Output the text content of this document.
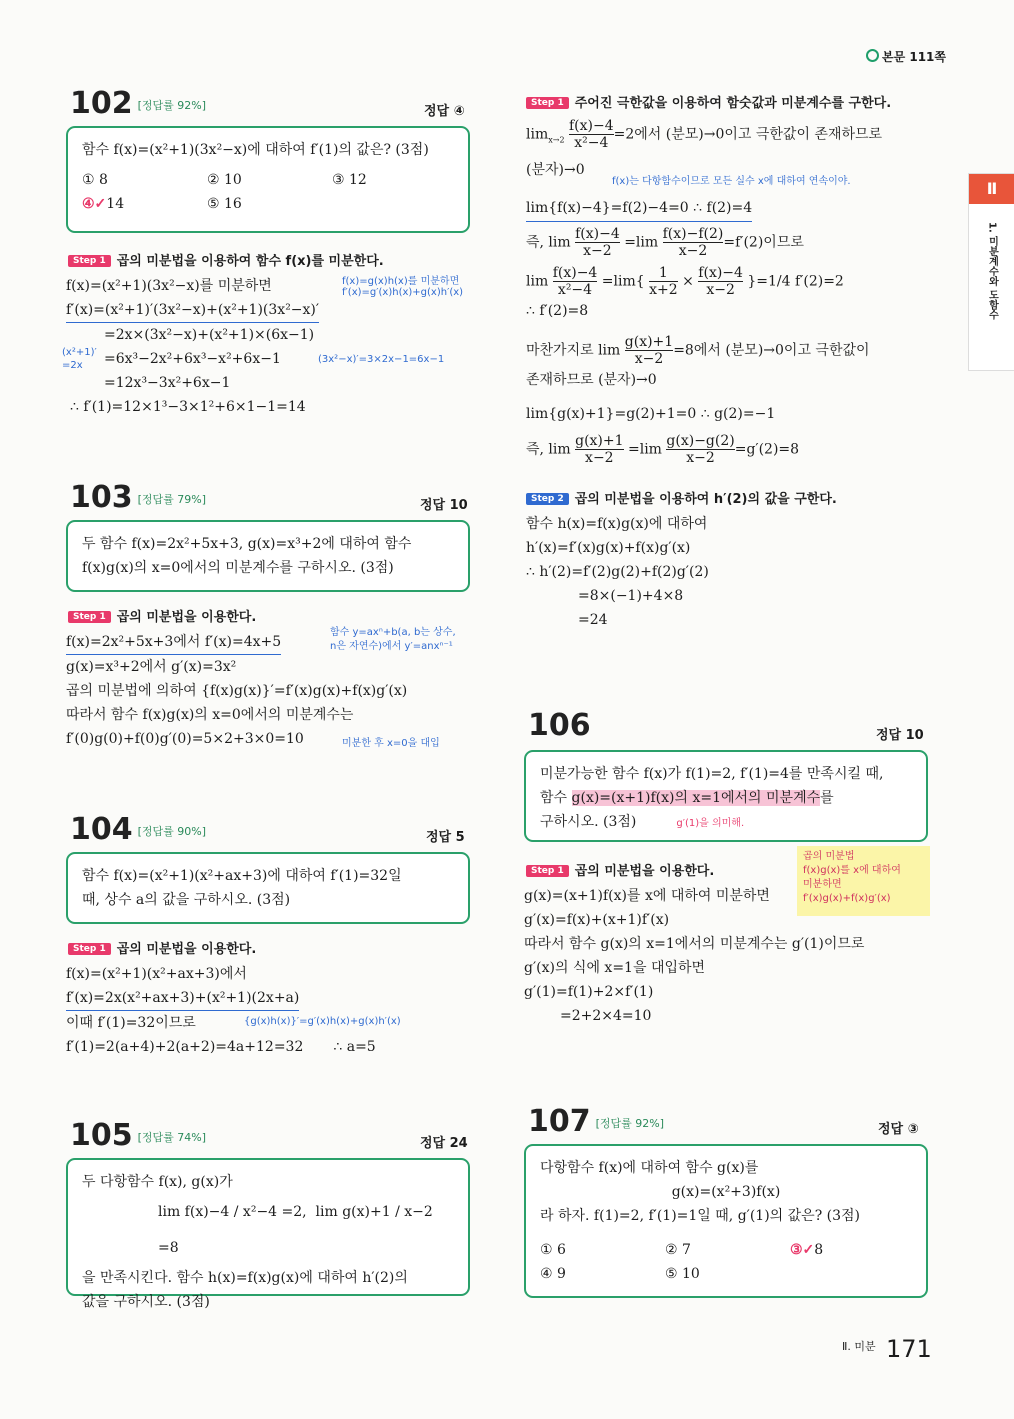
본문 111쪽
Ⅱ
1. 미분계수와 도함수
102 [정답률 92%]	정답 ④
함수 f(x)=(x²+1)(3x²−x)에 대하여 f′(1)의 값은? (3점)
① 8	② 10	③ 12
④✓14	⑤ 16
Step 1 곱의 미분법을 이용하여 함수 f(x)를 미분한다.
f(x)=(x²+1)(3x²−x)를 미분하면
f′(x)=(x²+1)′(3x²−x)+(x²+1)(3x²−x)′
=2x×(3x²−x)+(x²+1)×(6x−1)
=6x³−2x²+6x³−x²+6x−1
=12x³−3x²+6x−1
∴ f′(1)=12×1³−3×1²+6×1−1=14
f(x)=g(x)h(x)를 미분하면
f′(x)=g′(x)h(x)+g(x)h′(x)
(x²+1)′
=2x
(3x²−x)′=3×2x−1=6x−1
103 [정답률 79%]	정답 10
두 함수 f(x)=2x²+5x+3, g(x)=x³+2에 대하여 함수
f(x)g(x)의 x=0에서의 미분계수를 구하시오. (3점)
Step 1 곱의 미분법을 이용한다.
f(x)=2x²+5x+3에서 f′(x)=4x+5
g(x)=x³+2에서 g′(x)=3x²
곱의 미분법에 의하여 {f(x)g(x)}′=f′(x)g(x)+f(x)g′(x)
따라서 함수 f(x)g(x)의 x=0에서의 미분계수는
f′(0)g(0)+f(0)g′(0)=5×2+3×0=10
함수 y=axⁿ+b(a, b는 상수,
n은 자연수)에서 y′=anxⁿ⁻¹
미분한 후 x=0을 대입
104 [정답률 90%]	정답 5
함수 f(x)=(x²+1)(x²+ax+3)에 대하여 f′(1)=32일
때, 상수 a의 값을 구하시오. (3점)
Step 1 곱의 미분법을 이용한다.
f(x)=(x²+1)(x²+ax+3)에서
f′(x)=2x(x²+ax+3)+(x²+1)(2x+a)
이때 f′(1)=32이므로
f′(1)=2(a+4)+2(a+2)=4a+12=32 ∴ a=5
{g(x)h(x)}′=g′(x)h(x)+g(x)h′(x)
105 [정답률 74%]	정답 24
두 다항함수 f(x), g(x)가
lim f(x)−4 / x²−4 =2, lim g(x)+1 / x−2 =8
을 만족시킨다. 함수 h(x)=f(x)g(x)에 대하여 h′(2)의
값을 구하시오. (3점)
Step 1 주어진 극한값을 이용하여 함숫값과 미분계수를 구한다.
$\lim_{x\to 2} \frac{f(x)-4}{\text{x²−4}} =2$에서 (분모)→0이고 극한값이 존재하므로
(분자)→0
lim{f(x)−4}=f(2)−4=0 ∴ f(2)=4
즉, $\lim \frac{f(x)-4}{x-2} =\lim \frac{f(x)-f(2)}{x-2} =f'(2)$이므로
$\lim \frac{f(x)-4}{\text{x²−4}} =\lim\{ \frac{1}{x+2} \times \frac{f(x)-4}{x-2} \}=1/4$ f′(2)=2
∴ f′(2)=8
마찬가지로 $\lim \frac{g(x)+1}{x-2} =8$에서 (분모)→0이고 극한값이
존재하므로 (분자)→0
lim{g(x)+1}=g(2)+1=0 ∴ g(2)=−1
즉, $\lim \frac{g(x)+1}{x-2} =\lim \frac{g(x)-g(2)}{x-2} =g'(2)=8$
f(x)는 다항함수이므로 모든 실수 x에 대하여 연속이야.
Step 2 곱의 미분법을 이용하여 h′(2)의 값을 구한다.
함수 h(x)=f(x)g(x)에 대하여
h′(x)=f′(x)g(x)+f(x)g′(x)
∴ h′(2)=f′(2)g(2)+f(2)g′(2)
=8×(−1)+4×8
=24
106	정답 10
미분가능한 함수 f(x)가 f(1)=2, f′(1)=4를 만족시킬 때,
함수 g(x)=(x+1)f(x)의 x=1에서의 미분계수를
구하시오. (3점)	g′(1)을 의미해.
Step 1 곱의 미분법을 이용한다.
g(x)=(x+1)f(x)를 x에 대하여 미분하면
g′(x)=f(x)+(x+1)f′(x)
따라서 함수 g(x)의 x=1에서의 미분계수는 g′(1)이므로
g′(x)의 식에 x=1을 대입하면
g′(1)=f(1)+2×f′(1)
=2+2×4=10
곱의 미분법
f(x)g(x)를 x에 대하여
미분하면
f′(x)g(x)+f(x)g′(x)
107 [정답률 92%]	정답 ③
다항함수 f(x)에 대하여 함수 g(x)를
g(x)=(x²+3)f(x)
라 하자. f(1)=2, f′(1)=1일 때, g′(1)의 값은? (3점)
① 6	② 7	③✓8
④ 9	⑤ 10
Ⅱ. 미분 171
